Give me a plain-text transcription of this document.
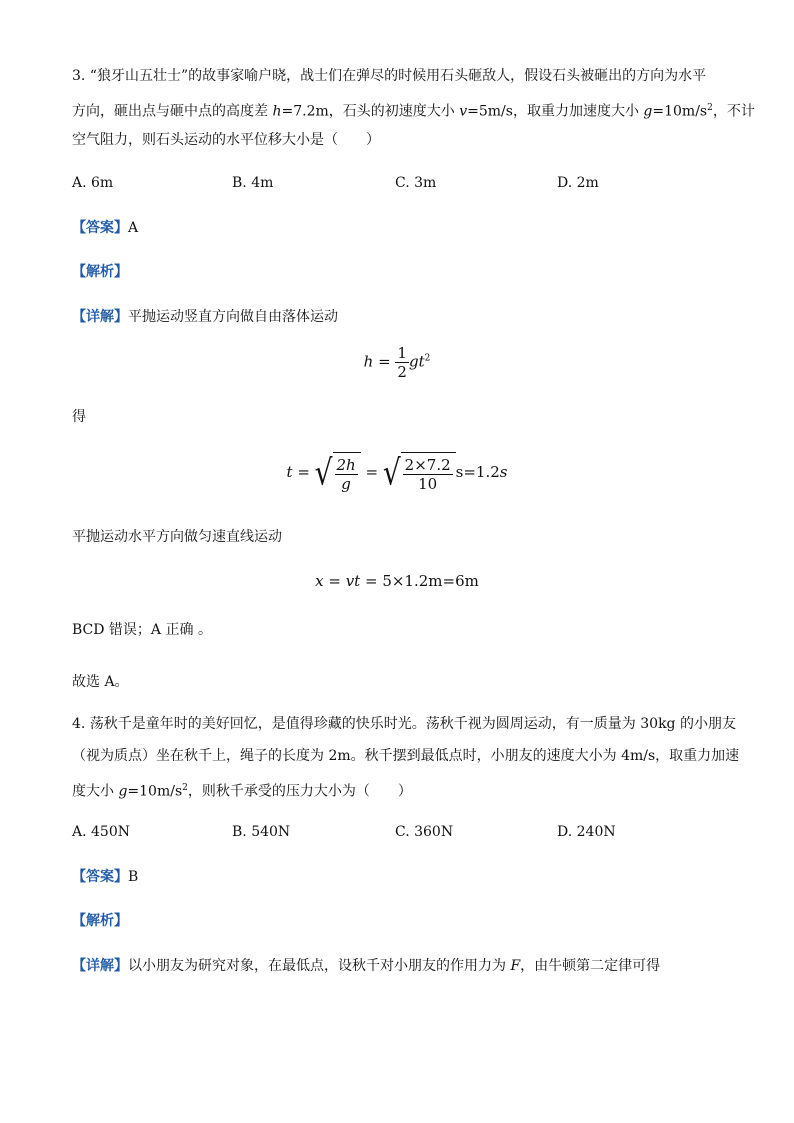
3. “狼牙山五壮士”的故事家喻户晓，战士们在弹尽的时候用石头砸敌人，假设石头被砸出的方向为水平
方向，砸出点与砸中点的高度差 h=7.2m，石头的初速度大小 v=5m/s，取重力加速度大小 $g=10m/s^2$，不计
空气阻力，则石头运动的水平位移大小是（　　）
A. 6m	B. 4m	C. 3m	D. 2m
【答案】A
【解析】
【详解】平抛运动竖直方向做自由落体运动
$h = \frac{1}{2} gt^2$
得
t = √ $\frac{2h}{g}$ = √ $\frac{2\times 7.2}{10} s=1.2s$
平抛运动水平方向做匀速直线运动
x = vt = 5×1.2m=6m
BCD 错误；A 正确 。
故选 A。
4. 荡秋千是童年时的美好回忆，是值得珍藏的快乐时光。荡秋千视为圆周运动，有一质量为 30kg 的小朋友
（视为质点）坐在秋千上，绳子的长度为 2m。秋千摆到最低点时，小朋友的速度大小为 4m/s，取重力加速
度大小 $g=10m/s^2$，则秋千承受的压力大小为（　　）
A. 450N	B. 540N	C. 360N	D. 240N
【答案】B
【解析】
【详解】以小朋友为研究对象，在最低点，设秋千对小朋友的作用力为 F，由牛顿第二定律可得
